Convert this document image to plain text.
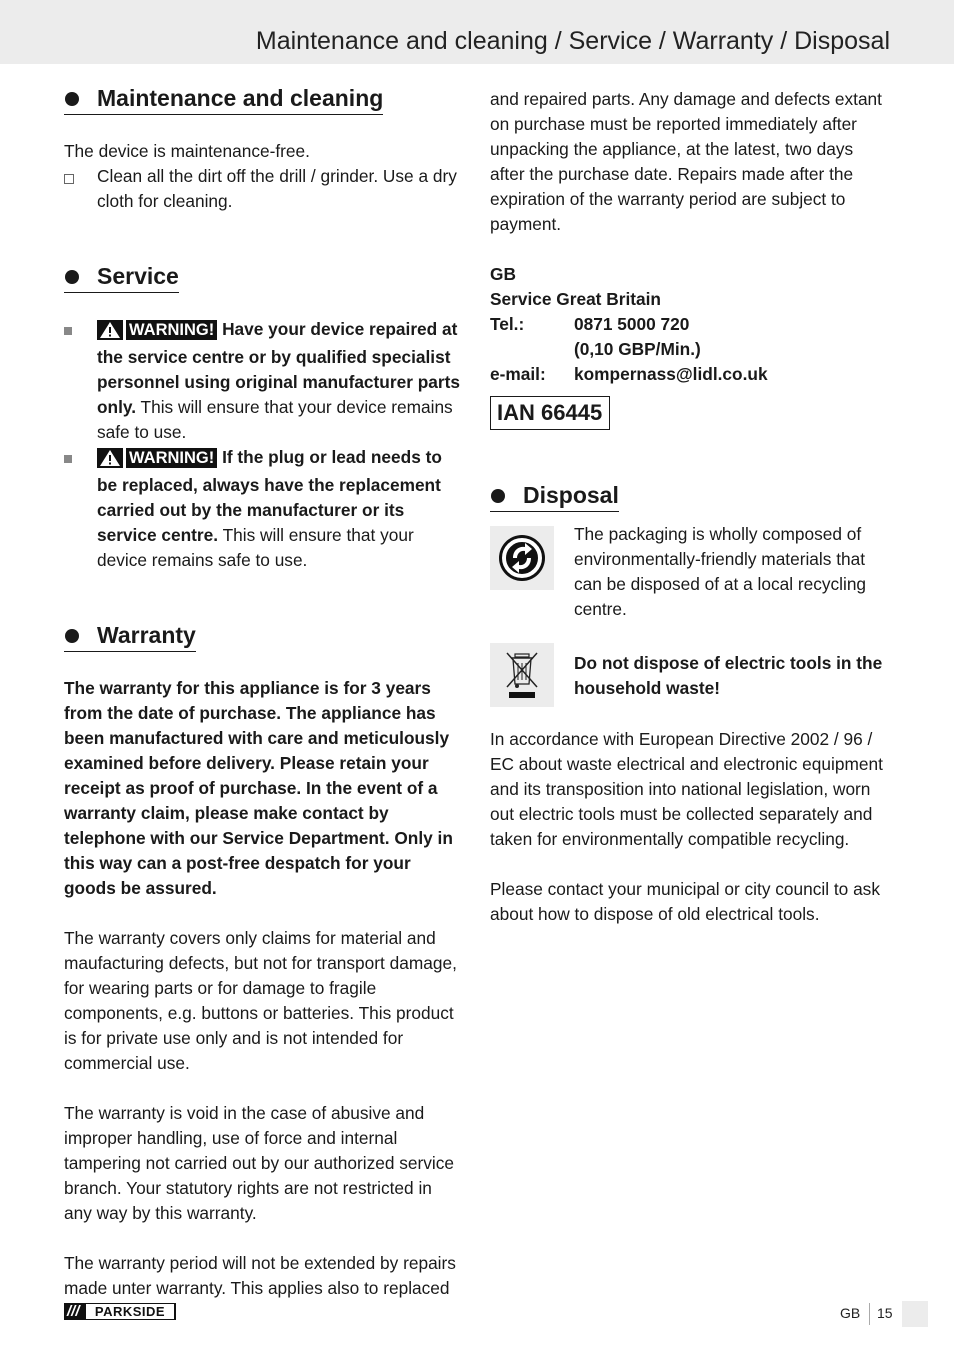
Maintenance and cleaning / Service / Warranty / Disposal
Maintenance and cleaning

The device is maintenance-free.

Clean all the dirt off the drill / grinder. Use a dry cloth for cleaning.
Service
WARNING! Have your device repaired at the service centre or by qualified specialist personnel using original manufacturer parts only. This will ensure that your device remains safe to use.
WARNING! If the plug or lead needs to be replaced, always have the replacement carried out by the manufacturer or its service centre. This will ensure that your device remains safe to use.
Warranty

The warranty for this appliance is for 3 years from the date of purchase. The appliance has been manufactured with care and meticulously examined before delivery. Please retain your receipt as proof of purchase. In the event of a warranty claim, please make contact by telephone with our Service Department. Only in this way can a post-free despatch for your goods be assured.

The warranty covers only claims for material and maufacturing defects, but not for transport damage, for wearing parts or for damage to fragile components, e.g. buttons or batteries. This product is for private use only and is not intended for commercial use.

The warranty is void in the case of abusive and improper handling, use of force and internal tampering not carried out by our authorized service branch. Your statutory rights are not restricted in any way by this warranty.

The warranty period will not be extended by repairs made unter warranty. This applies also to replaced

and repaired parts. Any damage and defects extant on purchase must be reported immediately after unpacking the appliance, at the latest, two days after the purchase date. Repairs made after the expiration of the warranty period are subject to payment.

GB
Service Great Britain
Tel.:	0871 5000 720
(0,10 GBP/Min.)
e-mail:	kompernass@lidl.co.uk
IAN 66445
Disposal

The packaging is wholly composed of environmentally-friendly materials that can be disposed of at a local recycling centre.

Do not dispose of electric tools in the household waste!

In accordance with European Directive 2002 / 96 / EC about waste electrical and electronic equipment and its transposition into national legislation, worn out electric tools must be collected separately and taken for environmentally compatible recycling.

Please contact your municipal or city council to ask about how to dispose of old electrical tools.

///	PARKSIDE	GB 15
